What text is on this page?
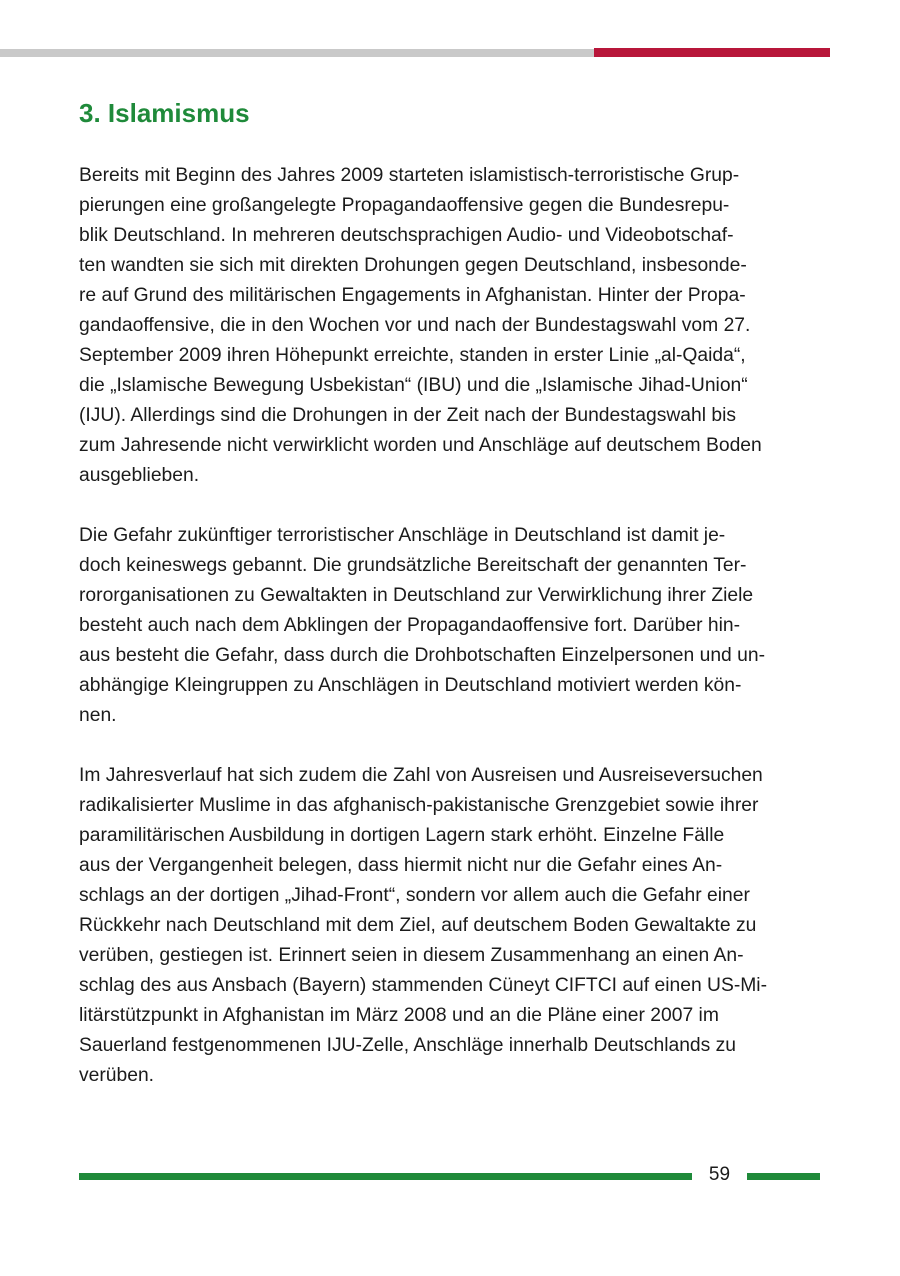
3. Islamismus

Bereits mit Beginn des Jahres 2009 starteten islamistisch-terroristische Grup-
pierungen eine großangelegte Propagandaoffensive gegen die Bundesrepu-
blik Deutschland. In mehreren deutschsprachigen Audio- und Videobotschaf-
ten wandten sie sich mit direkten Drohungen gegen Deutschland, insbesonde-
re auf Grund des militärischen Engagements in Afghanistan. Hinter der Propa-
gandaoffensive, die in den Wochen vor und nach der Bundestagswahl vom 27.
September 2009 ihren Höhepunkt erreichte, standen in erster Linie „al-Qaida“,
die „Islamische Bewegung Usbekistan“ (IBU) und die „Islamische Jihad-Union“
(IJU). Allerdings sind die Drohungen in der Zeit nach der Bundestagswahl bis
zum Jahresende nicht verwirklicht worden und Anschläge auf deutschem Boden
ausgeblieben.

Die Gefahr zukünftiger terroristischer Anschläge in Deutschland ist damit je-
doch keineswegs gebannt. Die grundsätzliche Bereitschaft der genannten Ter-
rororganisationen zu Gewaltakten in Deutschland zur Verwirklichung ihrer Ziele
besteht auch nach dem Abklingen der Propagandaoffensive fort. Darüber hin-
aus besteht die Gefahr, dass durch die Drohbotschaften Einzelpersonen und un-
abhängige Kleingruppen zu Anschlägen in Deutschland motiviert werden kön-
nen.

Im Jahresverlauf hat sich zudem die Zahl von Ausreisen und Ausreiseversuchen
radikalisierter Muslime in das afghanisch-pakistanische Grenzgebiet sowie ihrer
paramilitärischen Ausbildung in dortigen Lagern stark erhöht. Einzelne Fälle
aus der Vergangenheit belegen, dass hiermit nicht nur die Gefahr eines An-
schlags an der dortigen „Jihad-Front“, sondern vor allem auch die Gefahr einer
Rückkehr nach Deutschland mit dem Ziel, auf deutschem Boden Gewaltakte zu
verüben, gestiegen ist. Erinnert seien in diesem Zusammenhang an einen An-
schlag des aus Ansbach (Bayern) stammenden Cüneyt CIFTCI auf einen US-Mi-
litärstützpunkt in Afghanistan im März 2008 und an die Pläne einer 2007 im
Sauerland festgenommenen IJU-Zelle, Anschläge innerhalb Deutschlands zu
verüben.

59
